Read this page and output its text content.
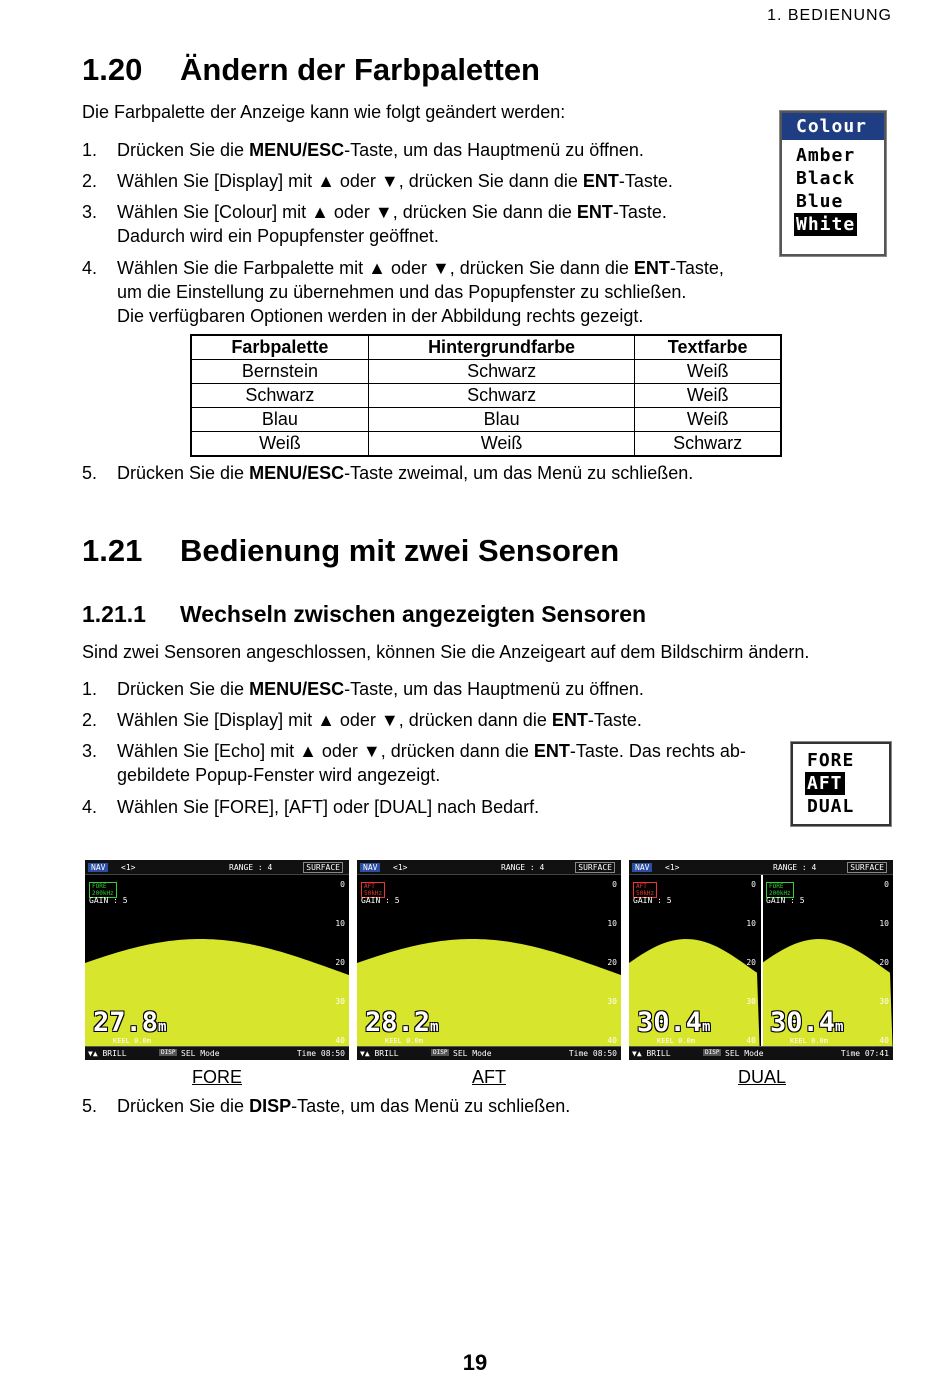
1. BEDIENUNG
1.20 Ändern der Farbpaletten
Die Farbpalette der Anzeige kann wie folgt geändert werden:
1. Drücken Sie die MENU/ESC-Taste, um das Hauptmenü zu öffnen.
2. Wählen Sie [Display] mit ▲ oder ▼, drücken Sie dann die ENT-Taste.
3. Wählen Sie [Colour] mit ▲ oder ▼, drücken Sie dann die ENT-Taste.
Dadurch wird ein Popupfenster geöffnet.
4. Wählen Sie die Farbpalette mit ▲ oder ▼, drücken Sie dann die ENT-Taste,
um die Einstellung zu übernehmen und das Popupfenster zu schließen.
Die verfügbaren Optionen werden in der Abbildung rechts gezeigt.
5. Drücken Sie die MENU/ESC-Taste zweimal, um das Menü zu schließen.
Farbpalette	Hintergrundfarbe	Textfarbe
Bernstein	Schwarz	Weiß
Schwarz	Schwarz	Weiß
Blau	Blau	Weiß
Weiß	Weiß	Schwarz
Colour
Amber
Black
Blue
White
1.21 Bedienung mit zwei Sensoren
1.21.1 Wechseln zwischen angezeigten Sensoren
Sind zwei Sensoren angeschlossen, können Sie die Anzeigeart auf dem Bildschirm ändern.
1. Drücken Sie die MENU/ESC-Taste, um das Hauptmenü zu öffnen.
2. Wählen Sie [Display] mit ▲ oder ▼, drücken dann die ENT-Taste.
3. Wählen Sie [Echo] mit ▲ oder ▼, drücken dann die ENT-Taste. Das rechts ab-
gebildete Popup-Fenster wird angezeigt.
4. Wählen Sie [FORE], [AFT] oder [DUAL] nach Bedarf.
5. Drücken Sie die DISP-Taste, um das Menü zu schließen.
FORE
AFT
DUAL
FORE
200kHz
GAIN : 5
0
10
20
30
40
27.8m
KEEL 0.0m
NAV	<1>	RANGE : 4	SURFACE
▼▲ BRILL	DISP SEL Mode	Time 08:50
FORE
AFT
50kHz
GAIN : 5
0
10
20
30
40
28.2m
KEEL 0.0m
NAV	<1>	RANGE : 4	SURFACE
▼▲ BRILL	DISP SEL Mode	Time 08:50
AFT
AFT
50kHz
GAIN : 5
0
10
20
30
40
30.4m
KEEL 0.0m
FORE
200kHz
GAIN : 5
0
10
20
30
40
30.4m
KEEL 0.0m
NAV	<1>	RANGE : 4	SURFACE
▼▲ BRILL	DISP SEL Mode	Time 07:41
DUAL
19
